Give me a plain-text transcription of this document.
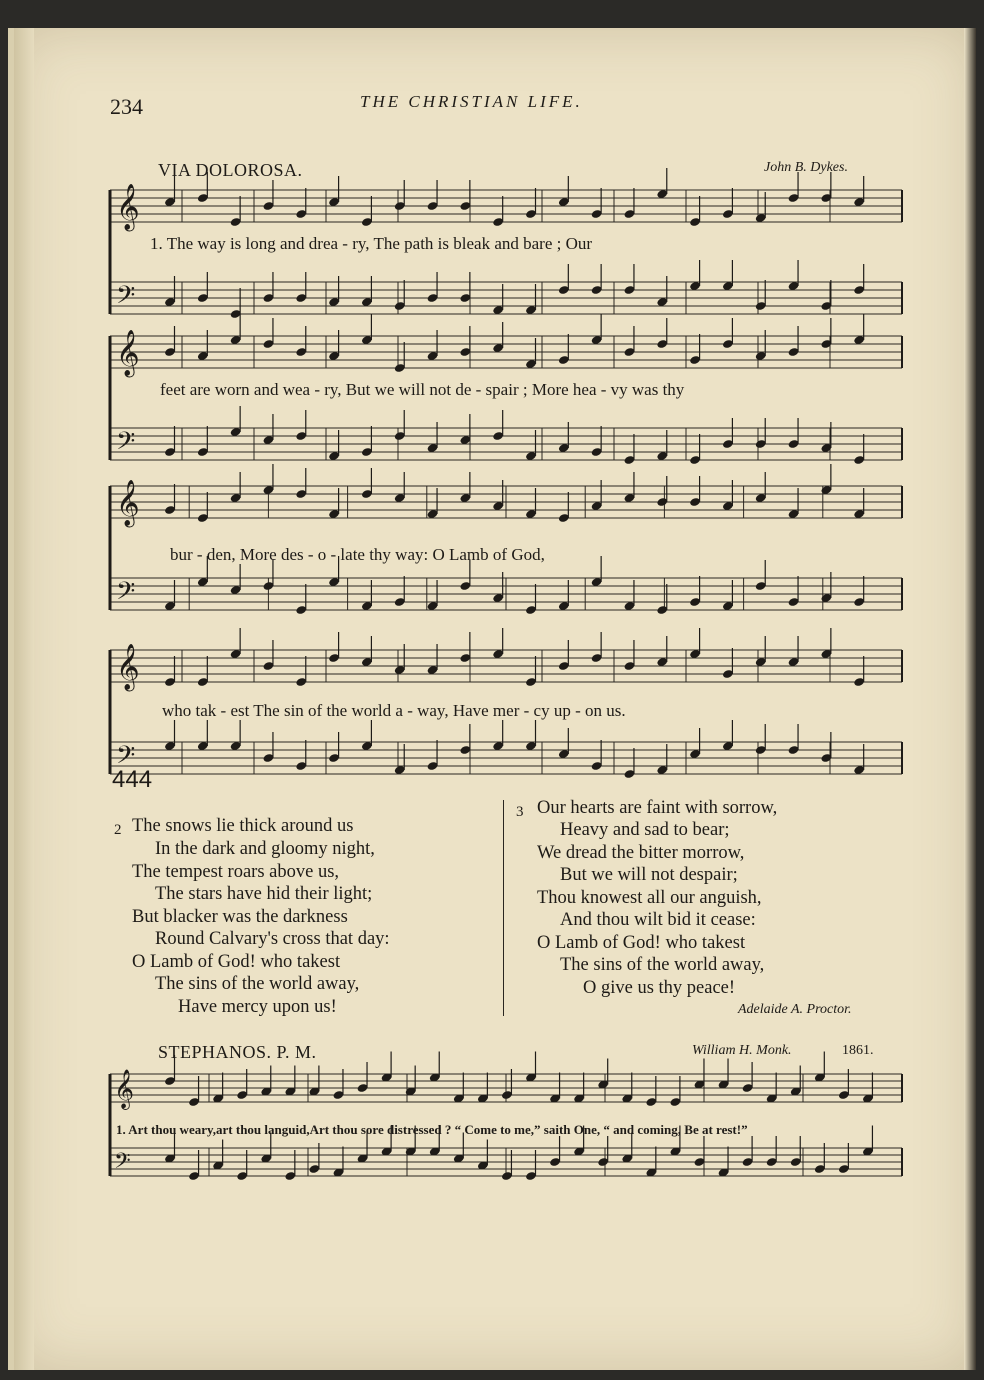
𝄞
𝄢
𝄞
𝄢
𝄞
𝄢
𝄞
𝄢
𝄞
𝄢
234	THE CHRISTIAN LIFE.
VIA DOLOROSA.	John B. Dykes.
1. The way is long and drea - ry, The path is bleak and bare ; Our
feet are worn and wea - ry, But we will not de - spair ; More hea - vy was thy
bur - den, More des - o - late thy way: O Lamb of God,
who tak - est The sin of the world a - way, Have mer - cy up - on us.
444
2 The snows lie thick around us
In the dark and gloomy night,
The tempest roars above us,
The stars have hid their light;
But blacker was the darkness
Round Calvary's cross that day:
O Lamb of God! who takest
The sins of the world away,
Have mercy upon us!
3 Our hearts are faint with sorrow,
Heavy and sad to bear;
We dread the bitter morrow,
But we will not despair;
Thou knowest all our anguish,
And thou wilt bid it cease:
O Lamb of God! who takest
The sins of the world away,
O give us thy peace!
Adelaide A. Proctor.
STEPHANOS. P. M.	William H. Monk.	1861.
1. Art thou weary,art thou languid,Art thou sore distressed ? “ Come to me,” saith One, “ and coming, Be at rest!”
